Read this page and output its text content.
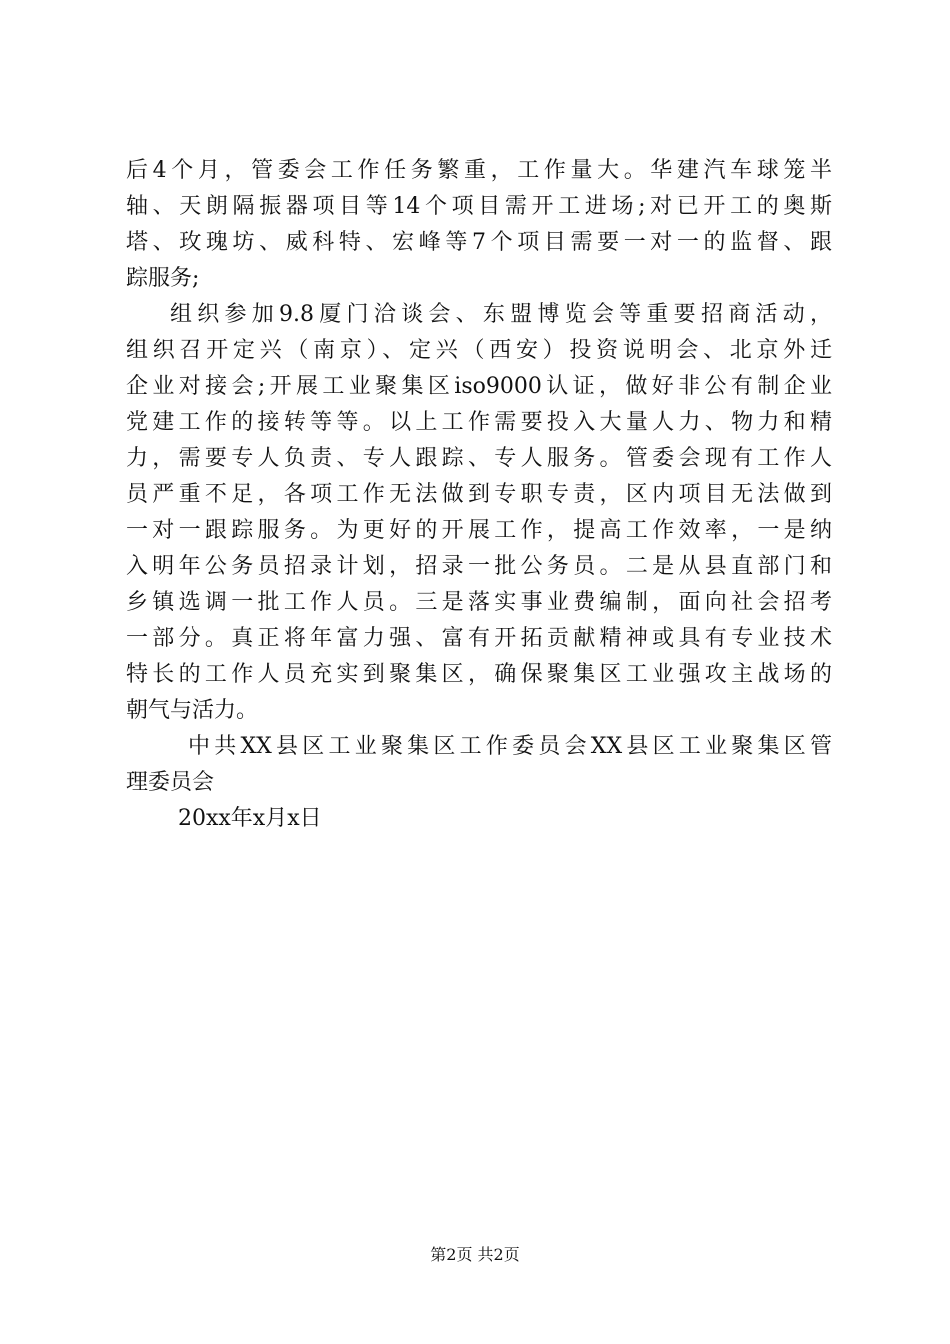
后4个月，管委会工作任务繁重，工作量大。华建汽车球笼半
轴、天朗隔振器项目等14个项目需开工进场;对已开工的奥斯
塔、玫瑰坊、威科特、宏峰等7个项目需要一对一的监督、跟
踪服务;
组织参加9.8厦门洽谈会、东盟博览会等重要招商活动，
组织召开定兴（南京）、定兴（西安）投资说明会、北京外迁
企业对接会;开展工业聚集区iso9000认证，做好非公有制企业
党建工作的接转等等。以上工作需要投入大量人力、物力和精
力，需要专人负责、专人跟踪、专人服务。管委会现有工作人
员严重不足，各项工作无法做到专职专责，区内项目无法做到
一对一跟踪服务。为更好的开展工作，提高工作效率，一是纳
入明年公务员招录计划，招录一批公务员。二是从县直部门和
乡镇选调一批工作人员。三是落实事业费编制，面向社会招考
一部分。真正将年富力强、富有开拓贡献精神或具有专业技术
特长的工作人员充实到聚集区，确保聚集区工业强攻主战场的
朝气与活力。
中共XX县区工业聚集区工作委员会XX县区工业聚集区管
理委员会
20xx年x月x日
第2页 共2页
